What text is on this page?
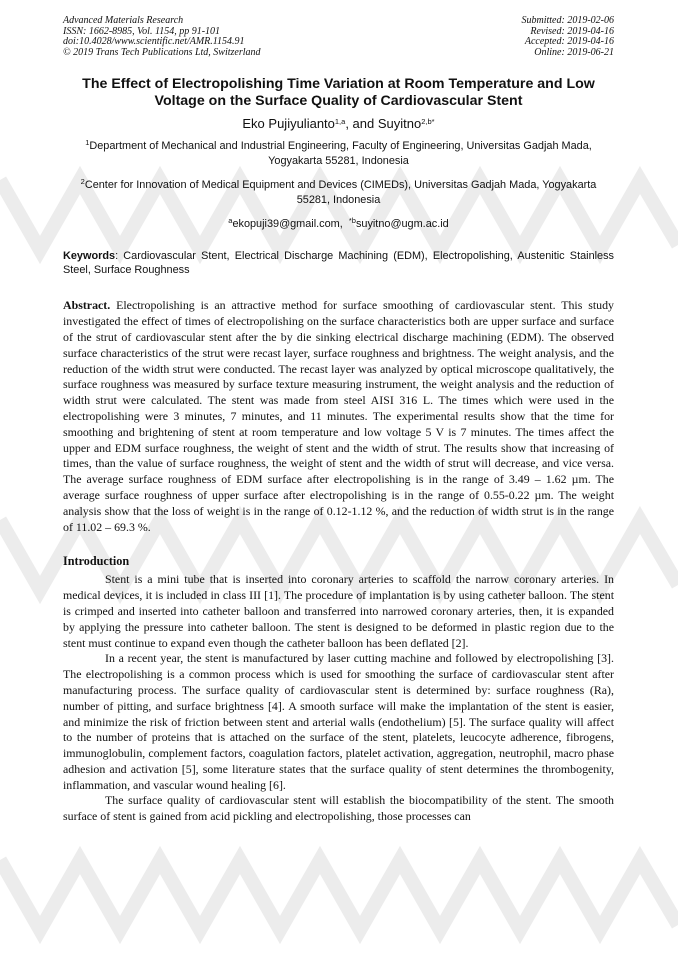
Advanced Materials Research
ISSN: 1662-8985, Vol. 1154, pp 91-101
doi:10.4028/www.scientific.net/AMR.1154.91
© 2019 Trans Tech Publications Ltd, Switzerland
Submitted: 2019-02-06
Revised: 2019-04-16
Accepted: 2019-04-16
Online: 2019-06-21
The Effect of Electropolishing Time Variation at Room Temperature and Low Voltage on the Surface Quality of Cardiovascular Stent
Eko Pujiyulianto$^{1,a}$, and Suyitno$^{2,b*}$
$^1$Department of Mechanical and Industrial Engineering, Faculty of Engineering, Universitas Gadjah Mada, Yogyakarta 55281, Indonesia
$^2$Center for Innovation of Medical Equipment and Devices (CIMEDs), Universitas Gadjah Mada, Yogyakarta 55281, Indonesia
$^a$ekopuji39@gmail.com, $^{*b}$suyitno@ugm.ac.id
Keywords: Cardiovascular Stent, Electrical Discharge Machining (EDM), Electropolishing, Austenitic Stainless Steel, Surface Roughness
Abstract. Electropolishing is an attractive method for surface smoothing of cardiovascular stent. This study investigated the effect of times of electropolishing on the surface characteristics both are upper surface and surface of the strut of cardiovascular stent after the by die sinking electrical discharge machining (EDM). The observed surface characteristics of the strut were recast layer, surface roughness and brightness. The weight analysis, and the reduction of the width strut were conducted. The recast layer was analyzed by optical microscope qualitatively, the surface roughness was measured by surface texture measuring instrument, the weight analysis and the reduction of width strut were calculated. The stent was made from steel AISI 316 L. The times which were used in the electropolishing were 3 minutes, 7 minutes, and 11 minutes. The experimental results show that the time for smoothing and brightening of stent at room temperature and low voltage 5 V is 7 minutes. The times affect the upper and EDM surface roughness, the weight of stent and the width of strut. The results show that increasing of times, than the value of surface roughness, the weight of stent and the width of strut will decrease, and vice versa. The average surface roughness of EDM surface after electropolishing is in the range of 3.49 – 1.62 µm. The average surface roughness of upper surface after electropolishing is in the range of 0.55-0.22 µm. The weight analysis show that the loss of weight is in the range of 0.12-1.12 %, and the reduction of width strut is in the range of 11.02 – 69.3 %.
Introduction
Stent is a mini tube that is inserted into coronary arteries to scaffold the narrow coronary arteries. In medical devices, it is included in class III [1]. The procedure of implantation is by using catheter balloon. The stent is crimped and inserted into catheter balloon and transferred into narrowed coronary arteries, then, it is expanded by applying the pressure into catheter balloon. The stent is designed to be deformed in plastic region due to the stent must continue to expand even though the catheter balloon has been deflated [2].
In a recent year, the stent is manufactured by laser cutting machine and followed by electropolishing [3]. The electropolishing is a common process which is used for smoothing the surface of cardiovascular stent after manufacturing process. The surface quality of cardiovascular stent is determined by: surface roughness (Ra), number of pitting, and surface brightness [4]. A smooth surface will make the implantation of the stent is easier, and minimize the risk of friction between stent and arterial walls (endothelium) [5]. The surface quality will affect to the number of proteins that is attached on the surface of the stent, platelets, leucocyte adherence, fibrogens, immunoglobulin, complement factors, coagulation factors, platelet activation, aggregation, neutrophil, macro phase adhesion and activation [5], some literature states that the surface quality of stent determines the thrombogenity, inflammation, and vascular wound healing [6].
The surface quality of cardiovascular stent will establish the biocompatibility of the stent. The smooth surface of stent is gained from acid pickling and electropolishing, those processes can
